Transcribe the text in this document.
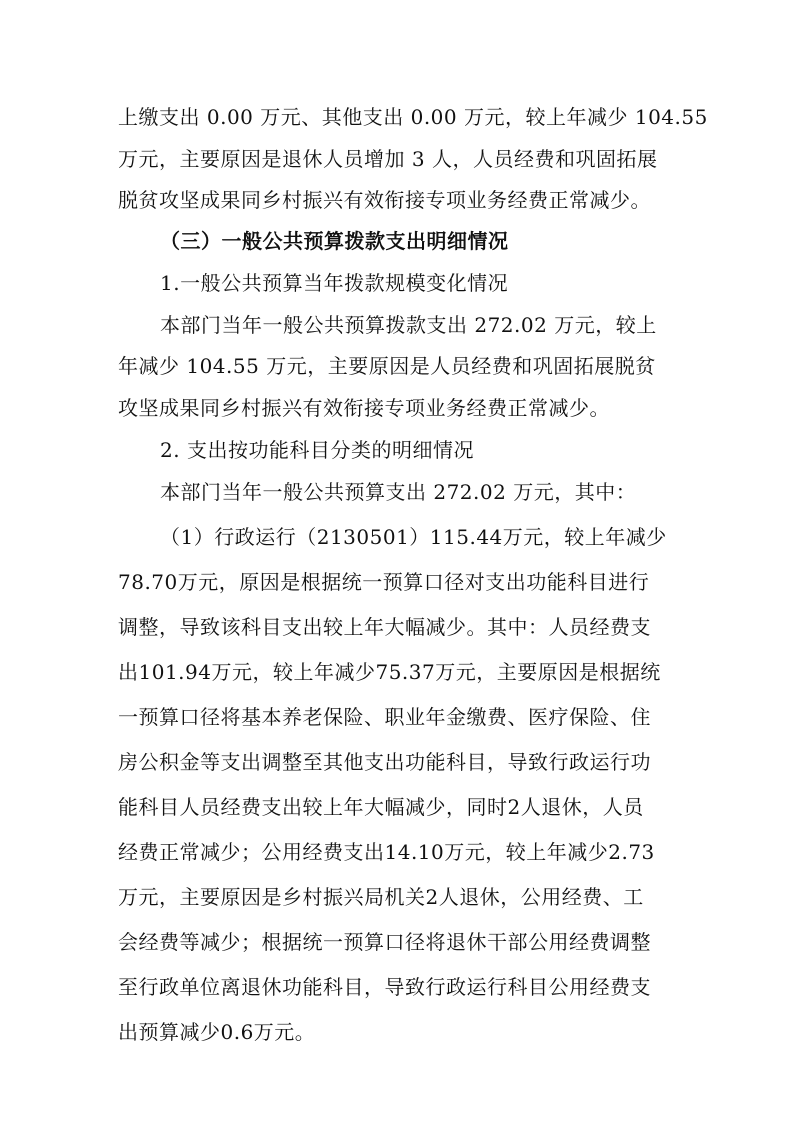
上缴支出 0.00 万元、其他支出 0.00 万元，较上年减少 104.55
万元，主要原因是退休人员增加 3 人，人员经费和巩固拓展
脱贫攻坚成果同乡村振兴有效衔接专项业务经费正常减少。
（三）一般公共预算拨款支出明细情况
1.一般公共预算当年拨款规模变化情况
本部门当年一般公共预算拨款支出 272.02 万元，较上
年减少 104.55 万元，主要原因是人员经费和巩固拓展脱贫
攻坚成果同乡村振兴有效衔接专项业务经费正常减少。
2. 支出按功能科目分类的明细情况
本部门当年一般公共预算支出 272.02 万元，其中：
（1）行政运行（2130501）115.44万元，较上年减少
78.70万元，原因是根据统一预算口径对支出功能科目进行
调整，导致该科目支出较上年大幅减少。其中：人员经费支
出101.94万元，较上年减少75.37万元，主要原因是根据统
一预算口径将基本养老保险、职业年金缴费、医疗保险、住
房公积金等支出调整至其他支出功能科目，导致行政运行功
能科目人员经费支出较上年大幅减少，同时2人退休，人员
经费正常减少；公用经费支出14.10万元，较上年减少2.73
万元，主要原因是乡村振兴局机关2人退休，公用经费、工
会经费等减少；根据统一预算口径将退休干部公用经费调整
至行政单位离退休功能科目，导致行政运行科目公用经费支
出预算减少0.6万元。
